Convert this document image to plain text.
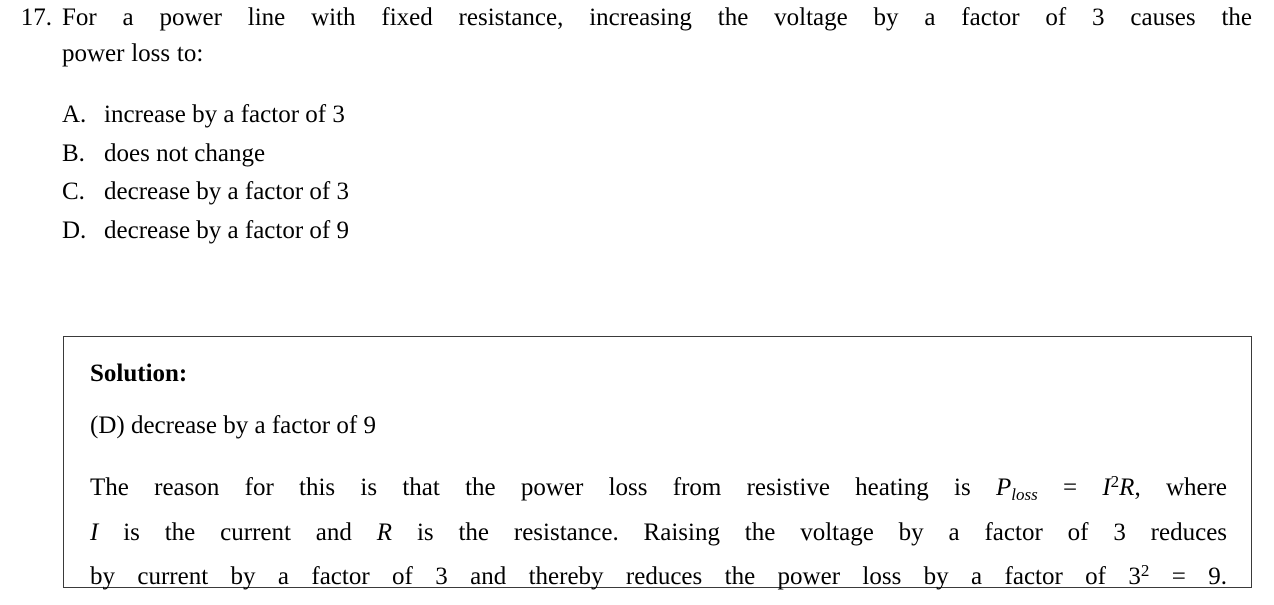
17. For a power line with fixed resistance, increasing the voltage by a factor of 3 causes the
power loss to:
A. increase by a factor of 3
B. does not change
C. decrease by a factor of 3
D. decrease by a factor of 9
Solution:
(D) decrease by a factor of 9
The reason for this is that the power loss from resistive heating is $P_{loss} = I^2R$, where
I is the current and R is the resistance. Raising the voltage by a factor of 3 reduces
by current by a factor of 3 and thereby reduces the power loss by a factor of $3^2 = 9$.
